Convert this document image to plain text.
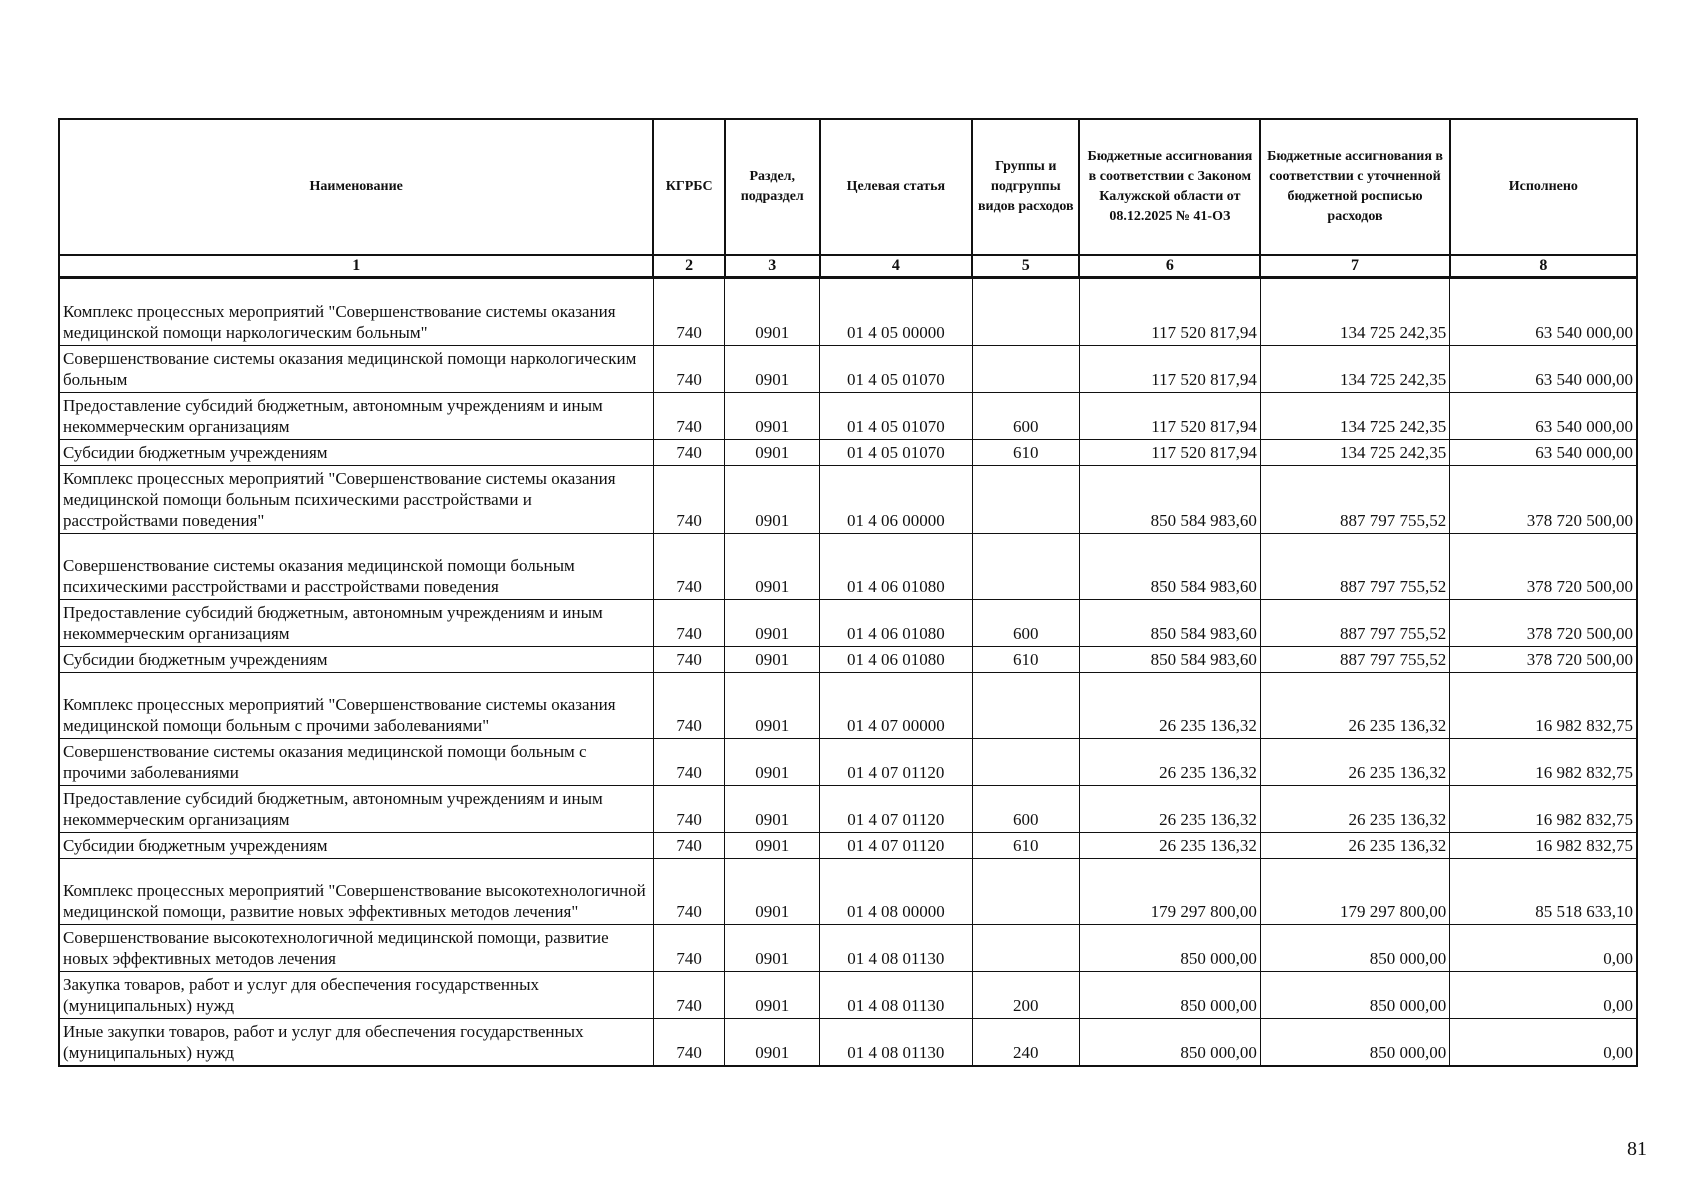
Наименование	КГРБС	Раздел, подраздел	Целевая статья	Группы и подгруппы видов расходов	Бюджетные ассигнования в соответствии с Законом Калужской области от 08.12.2025 № 41-ОЗ	Бюджетные ассигнования в соответствии с уточненной бюджетной росписью расходов	Исполнено
1	2	3	4	5	6	7	8
Комплекс процессных мероприятий "Совершенствование системы оказания медицинской помощи наркологическим больным"	740	0901	01 4 05 00000		117 520 817,94	134 725 242,35	63 540 000,00
Совершенствование системы оказания медицинской помощи наркологическим больным	740	0901	01 4 05 01070		117 520 817,94	134 725 242,35	63 540 000,00
Предоставление субсидий бюджетным, автономным учреждениям и иным некоммерческим организациям	740	0901	01 4 05 01070	600	117 520 817,94	134 725 242,35	63 540 000,00
Субсидии бюджетным учреждениям	740	0901	01 4 05 01070	610	117 520 817,94	134 725 242,35	63 540 000,00
Комплекс процессных мероприятий "Совершенствование системы оказания медицинской помощи больным психическими расстройствами и расстройствами поведения"	740	0901	01 4 06 00000		850 584 983,60	887 797 755,52	378 720 500,00
Совершенствование системы оказания медицинской помощи больным психическими расстройствами и расстройствами поведения	740	0901	01 4 06 01080		850 584 983,60	887 797 755,52	378 720 500,00
Предоставление субсидий бюджетным, автономным учреждениям и иным некоммерческим организациям	740	0901	01 4 06 01080	600	850 584 983,60	887 797 755,52	378 720 500,00
Субсидии бюджетным учреждениям	740	0901	01 4 06 01080	610	850 584 983,60	887 797 755,52	378 720 500,00
Комплекс процессных мероприятий "Совершенствование системы оказания медицинской помощи больным с прочими заболеваниями"	740	0901	01 4 07 00000		26 235 136,32	26 235 136,32	16 982 832,75
Совершенствование системы оказания медицинской помощи больным с прочими заболеваниями	740	0901	01 4 07 01120		26 235 136,32	26 235 136,32	16 982 832,75
Предоставление субсидий бюджетным, автономным учреждениям и иным некоммерческим организациям	740	0901	01 4 07 01120	600	26 235 136,32	26 235 136,32	16 982 832,75
Субсидии бюджетным учреждениям	740	0901	01 4 07 01120	610	26 235 136,32	26 235 136,32	16 982 832,75
Комплекс процессных мероприятий "Совершенствование высокотехнологичной медицинской помощи, развитие новых эффективных методов лечения"	740	0901	01 4 08 00000		179 297 800,00	179 297 800,00	85 518 633,10
Совершенствование высокотехнологичной медицинской помощи, развитие новых эффективных методов лечения	740	0901	01 4 08 01130		850 000,00	850 000,00	0,00
Закупка товаров, работ и услуг для обеспечения государственных (муниципальных) нужд	740	0901	01 4 08 01130	200	850 000,00	850 000,00	0,00
Иные закупки товаров, работ и услуг для обеспечения государственных (муниципальных) нужд	740	0901	01 4 08 01130	240	850 000,00	850 000,00	0,00
81
